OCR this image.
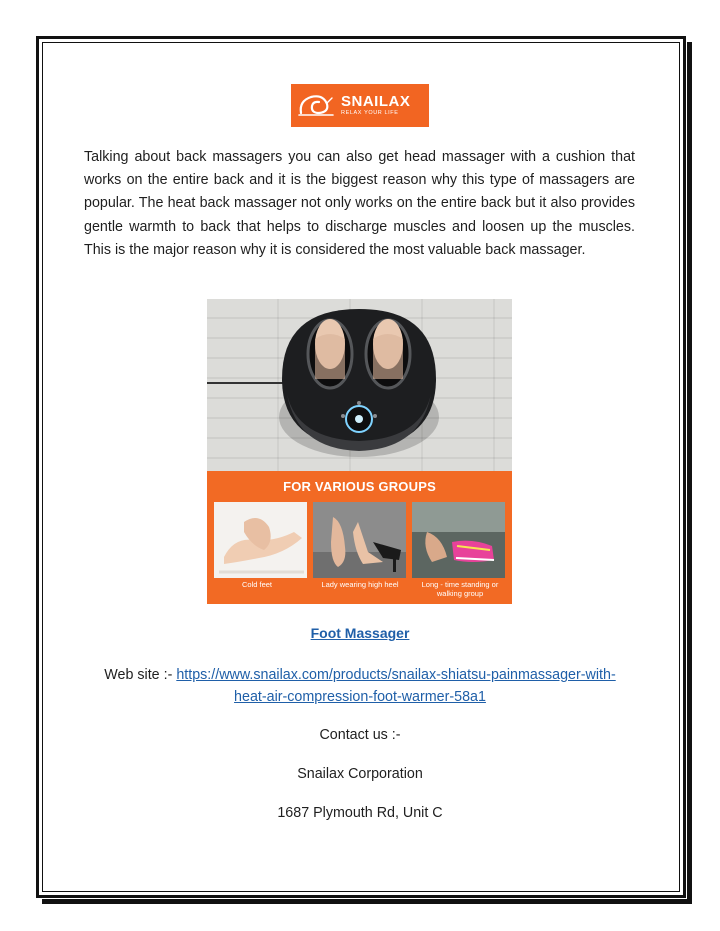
SNAILAX
RELAX YOUR LIFE

Talking about back massagers you can also get head massager with a cushion that works on the entire back and it is the biggest reason why this type of massagers are popular. The heat back massager not only works on the entire back but it also provides gentle warmth to back that helps to discharge muscles and loosen up the muscles. This is the major reason why it is considered the most valuable back massager.

FOR VARIOUS GROUPS
Cold feet	Lady wearing high heel	Long - time standing or walking group
Foot Massager
Web site :- https://www.snailax.com/products/snailax-shiatsu-painmassager-with-heat-air-compression-foot-warmer-58a1
Contact us :-
Snailax Corporation
1687 Plymouth Rd, Unit C
